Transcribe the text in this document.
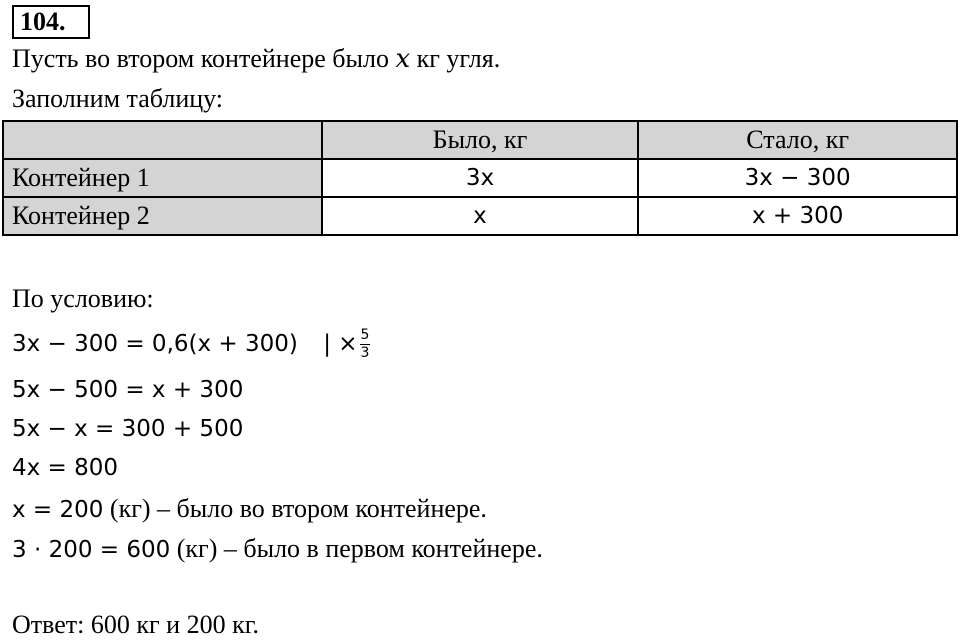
104.
Пусть во втором контейнере было x кг угля.
Заполним таблицу:
	Было, кг	Стало, кг
Контейнер 1	3x	3x − 300
Контейнер 2	x	x + 300
По условию:
3x − 300 = 0,6(x + 300) | × $\frac{5}{3}$
5x − 500 = x + 300
5x − x = 300 + 500
4x = 800
x = 200 (кг) – было во втором контейнере.
3 · 200 = 600 (кг) – было в первом контейнере.
Ответ: 600 кг и 200 кг.
